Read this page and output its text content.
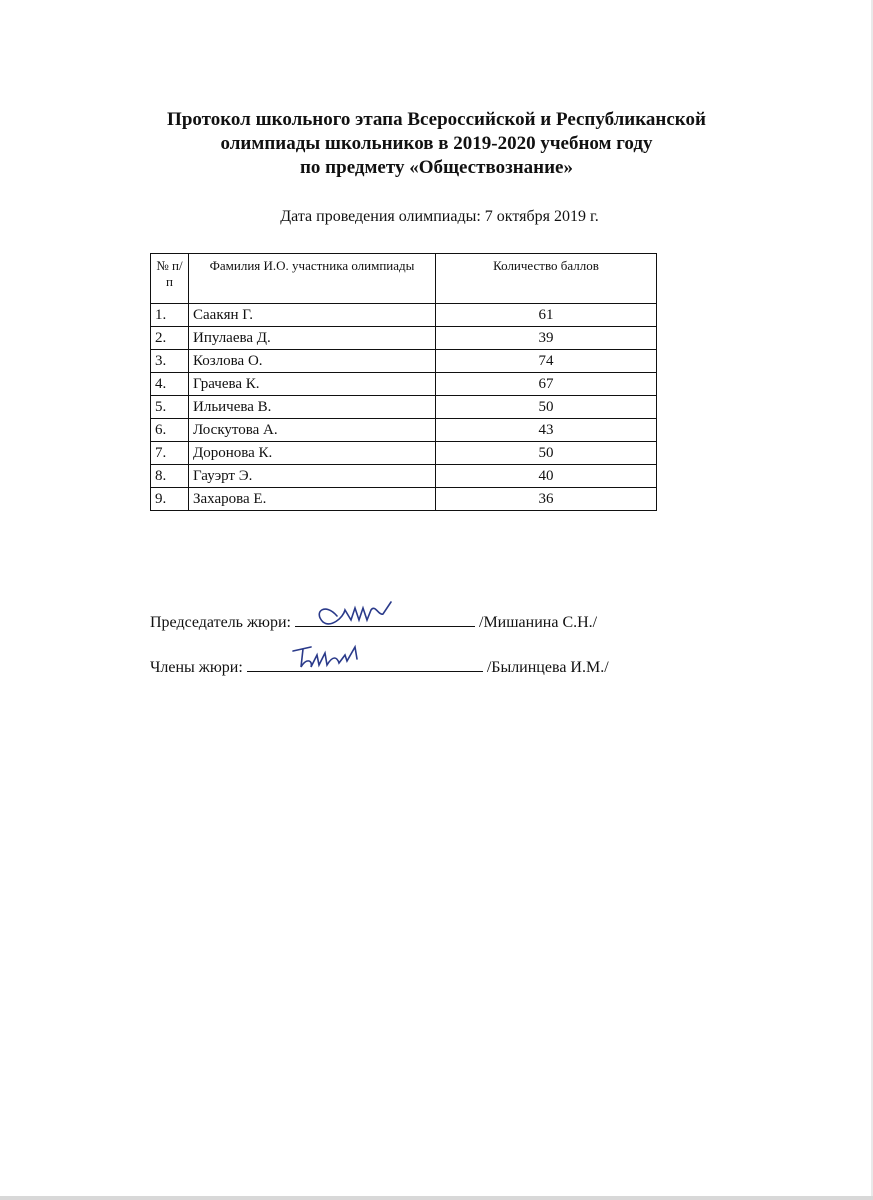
Протокол школьного этапа Всероссийской и Республиканской
олимпиады школьников в 2019-2020 учебном году
по предмету «Обществознание»
Дата проведения олимпиады: 7 октября 2019 г.
№ п/п	Фамилия И.О. участника олимпиады	Количество баллов
1.	Саакян Г.	61
2.	Ипулаева Д.	39
3.	Козлова О.	74
4.	Грачева К.	67
5.	Ильичева В.	50
6.	Лоскутова А.	43
7.	Доронова К.	50
8.	Гауэрт Э.	40
9.	Захарова Е.	36
Председатель жюри:	/Мишанина С.Н./
Члены жюри:	/Былинцева И.М./
